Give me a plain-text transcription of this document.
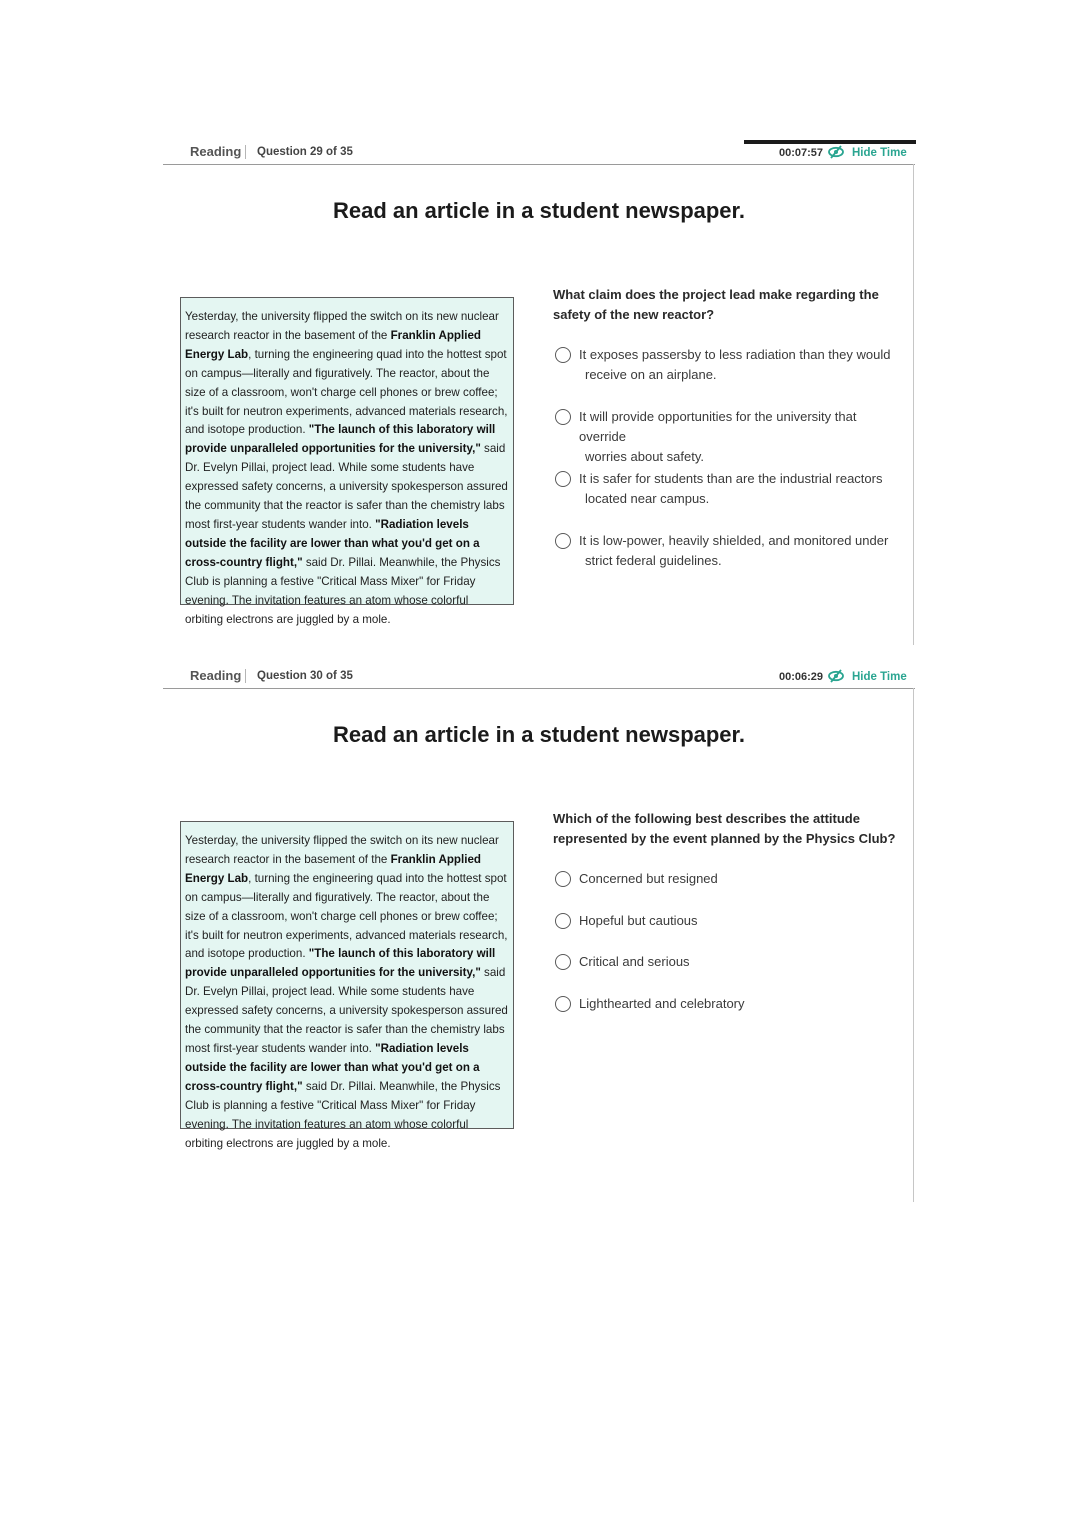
Reading Question 29 of 35	00:07:57	Hide Time
Read an article in a student newspaper.
Yesterday, the university flipped the switch on its new nuclear research reactor in the basement of the Franklin Applied Energy Lab, turning the engineering quad into the hottest spot on campus—literally and figuratively. The reactor, about the size of a classroom, won't charge cell phones or brew coffee; it's built for neutron experiments, advanced materials research, and isotope production. "The launch of this laboratory will provide unparalleled opportunities for the university," said Dr. Evelyn Pillai, project lead. While some students have expressed safety concerns, a university spokesperson assured the community that the reactor is safer than the chemistry labs most first-year students wander into. "Radiation levels outside the facility are lower than what you'd get on a cross-country flight," said Dr. Pillai. Meanwhile, the Physics Club is planning a festive "Critical Mass Mixer" for Friday evening. The invitation features an atom whose colorful orbiting electrons are juggled by a mole.
What claim does the project lead make regarding the safety of the new reactor?
It exposes passersby to less radiation than they would
receive on an airplane.
It will provide opportunities for the university that override
worries about safety.
It is safer for students than are the industrial reactors
located near campus.
It is low-power, heavily shielded, and monitored under
strict federal guidelines.
Reading Question 30 of 35	00:06:29	Hide Time
Read an article in a student newspaper.
Yesterday, the university flipped the switch on its new nuclear research reactor in the basement of the Franklin Applied Energy Lab, turning the engineering quad into the hottest spot on campus—literally and figuratively. The reactor, about the size of a classroom, won't charge cell phones or brew coffee; it's built for neutron experiments, advanced materials research, and isotope production. "The launch of this laboratory will provide unparalleled opportunities for the university," said Dr. Evelyn Pillai, project lead. While some students have expressed safety concerns, a university spokesperson assured the community that the reactor is safer than the chemistry labs most first-year students wander into. "Radiation levels outside the facility are lower than what you'd get on a cross-country flight," said Dr. Pillai. Meanwhile, the Physics Club is planning a festive "Critical Mass Mixer" for Friday evening. The invitation features an atom whose colorful orbiting electrons are juggled by a mole.
Which of the following best describes the attitude represented by the event planned by the Physics Club?
Concerned but resigned
Hopeful but cautious
Critical and serious
Lighthearted and celebratory
